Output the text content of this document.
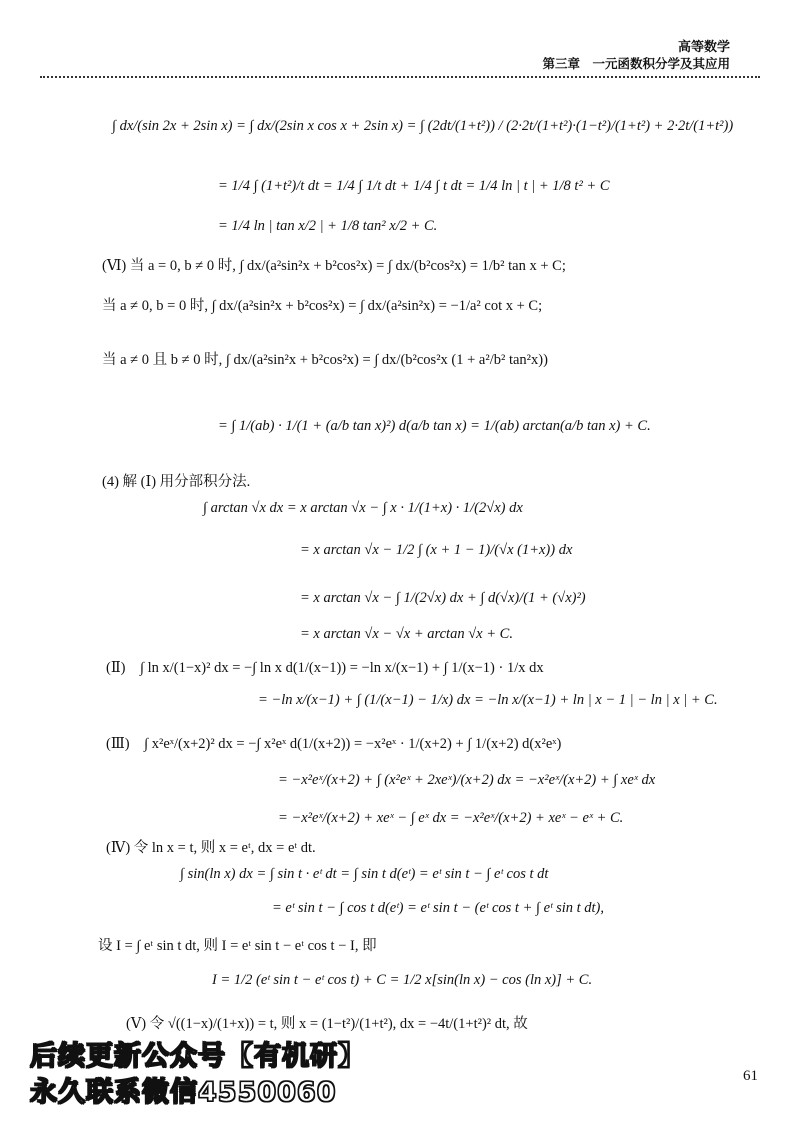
高等数学
第三章　一元函数积分学及其应用
∫ dx/(sin 2x + 2sin x) = ∫ dx/(2sin x cos x + 2sin x) = ∫ (2dt/(1+t²)) / (2·2t/(1+t²)·(1−t²)/(1+t²) + 2·2t/(1+t²))
= 1/4 ∫ (1+t²)/t dt = 1/4 ∫ 1/t dt + 1/4 ∫ t dt = 1/4 ln | t | + 1/8 t² + C
= 1/4 ln | tan x/2 | + 1/8 tan² x/2 + C.
(Ⅵ) 当 a = 0, b ≠ 0 时, ∫ dx/(a²sin²x + b²cos²x) = ∫ dx/(b²cos²x) = 1/b² tan x + C;
当 a ≠ 0, b = 0 时, ∫ dx/(a²sin²x + b²cos²x) = ∫ dx/(a²sin²x) = −1/a² cot x + C;
当 a ≠ 0 且 b ≠ 0 时, ∫ dx/(a²sin²x + b²cos²x) = ∫ dx/(b²cos²x (1 + a²/b² tan²x))
= ∫ 1/(ab) · 1/(1 + (a/b tan x)²) d(a/b tan x) = 1/(ab) arctan(a/b tan x) + C.
(4) 解 (Ⅰ) 用分部积分法.
∫ arctan √x dx = x arctan √x − ∫ x · 1/(1+x) · 1/(2√x) dx
= x arctan √x − 1/2 ∫ (x + 1 − 1)/(√x (1+x)) dx
= x arctan √x − ∫ 1/(2√x) dx + ∫ d(√x)/(1 + (√x)²)
= x arctan √x − √x + arctan √x + C.
(Ⅱ)　∫ ln x/(1−x)² dx = −∫ ln x d(1/(x−1)) = −ln x/(x−1) + ∫ 1/(x−1) · 1/x dx
= −ln x/(x−1) + ∫ (1/(x−1) − 1/x) dx = −ln x/(x−1) + ln | x − 1 | − ln | x | + C.
(Ⅲ)　∫ x²eˣ/(x+2)² dx = −∫ x²eˣ d(1/(x+2)) = −x²eˣ · 1/(x+2) + ∫ 1/(x+2) d(x²eˣ)
= −x²eˣ/(x+2) + ∫ (x²eˣ + 2xeˣ)/(x+2) dx = −x²eˣ/(x+2) + ∫ xeˣ dx
= −x²eˣ/(x+2) + xeˣ − ∫ eˣ dx = −x²eˣ/(x+2) + xeˣ − eˣ + C.
(Ⅳ) 令 ln x = t, 则 x = eᵗ, dx = eᵗ dt.
∫ sin(ln x) dx = ∫ sin t · eᵗ dt = ∫ sin t d(eᵗ) = eᵗ sin t − ∫ eᵗ cos t dt
= eᵗ sin t − ∫ cos t d(eᵗ) = eᵗ sin t − (eᵗ cos t + ∫ eᵗ sin t dt),
设 I = ∫ eᵗ sin t dt, 则 I = eᵗ sin t − eᵗ cos t − I, 即
I = 1/2 (eᵗ sin t − eᵗ cos t) + C = 1/2 x[sin(ln x) − cos (ln x)] + C.
(Ⅴ) 令 √((1−x)/(1+x)) = t, 则 x = (1−t²)/(1+t²), dx = −4t/(1+t²)² dt, 故
后续更新公众号【有机研】
永久联系微信4550060
61
